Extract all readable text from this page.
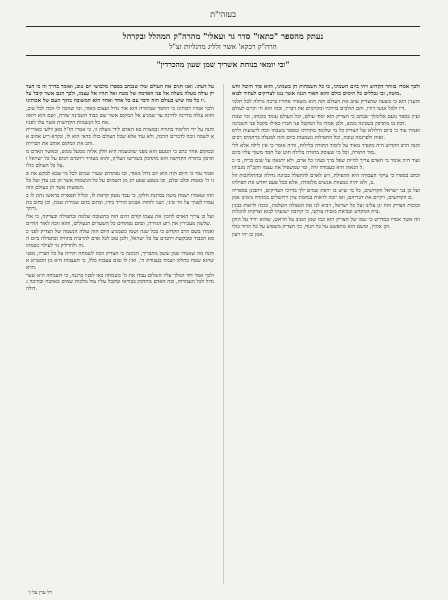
בעזהי"ת
נעתק מהספר "כתאו" סדר גר ועאלי" מהרה"ק המהלל ובקרהל
הרה"ק רבקא' אשר זלליג מרגליות זצ"ל
"ובי יומאי בנוחת אשריך שמן שעון מהכרדין"

על דעתו. ואנו חגים את העולם שלו שנכתב בספרו מלבושי יום טוב, ואומר בדרך זה כי הצדיק עולה מעלה מעלה אל פני האדמה של מטה ואל תהיו אל עצמו, ולכך הגם אשר קיבל עליו כל מה שיש בעולם הזה ודבר עם כל אחד ואחד הוא המשובח בתוך העם של אבותינו.

ולכך אמרו רבותינו כי החסד שבתורה הוא אור גדול ועצום מאוד, ומי שזוכה לו זוכה לכל טוב, והוא עולה מדרגה לדרגה עד שמגיע אל המקום אשר שם כבוד השכינה שורה, ושם הוא רואה את כל הנשמות הקדושות אשר עלו לפניו.

והנה על ידי הלימוד בתורה ובמצוות בא האדם לידי מעלה זו, כי אמרו חז"ל מאן דלעי באורייתא לשמה זוכה לדברים הרבה, ולא עוד אלא שכל העולם כולו כדאי הוא לו, ונקרא ריע אהוב אוהב את המקום אוהב את הבריות.

ובמקום אחר כתב כי הטעם הוא מפני שהנשמה היא חלק אלוה ממעל ממש, וכאשר האדם מתדבק בתורה הקדושה הוא מתדבק בשורשו העליון, והוא מעורר רחמים רבים על כל ישראל ועל כל העולם כולו.

ואמר עוד כי היום הזה הוא יום גדול מאוד, ובו נפתחים שערי שמים לכל מי שבא לבקש את פני ה' באמת ובלב שלם, ובו נשפע שפע רב מן השמים על כל הנשמות אשר הן בגן עדן ועל כל הנפשות אשר הן בעולם הזה.

וזהו שאמרו ישמח משה במתנת חלקו, כי עבד נאמן קראת לו, וכליל תפארת בראשו נתת לו בעמדו לפניך על הר סיני, ושני לוחות אבנים הוריד בידו, וכתוב בהם שמירת שבת, וכן כתוב בתורתך.

ועל כן צריך האדם להכין את עצמו קודם היום הזה בתשובה שלמה ובתפילה ובצדקה, כי אלו שלשה מעבירין את רוע הגזירה, ובהם נפתחים כל השערים הנעולים, והוא זוכה לאור החיים.

ואמרו בשם הרב הקדוש כי בכל שנה ושנה כשמגיע היום הזה עולה הנשמה של הצדיק לפני כסא הכבוד ומבקשת רחמים על כל ישראל, ולכן טוב לכל אדם להרבות בתורה ובתפילה ביום הזה ולהדליק נר לעילוי נשמתו.

והנה מה שאמרו שמן ששון מחבריך, הכוונה כי הצדיק זוכה לשמחה יתירה על כל חבריו, מפני שהוא שמח בחלקו ושמח בעבודת ה', ואין לו שום עצבות כלל, כי העצבות היא מן הסטרא אחרא.

ולכך אמר דוד המלך עליו השלום עבדו את ה' בשמחה באו לפניו ברננה, כי השמחה היא שער גדול לכל העבודות, ובה האדם מתדבק בבוראו ומקבל עליו עול מלכות שמים באהבה ובחיבה גדולה.

ולכך אמרו בזוהר הקדוש ויהי ביום השמיני, כי כל השמחות הן בשמיני, והוא סוד היובל והשמיטה, ובו נכללים כל הימים כולם והוא האור הגנוז אשר נגנז לצדיקים לעתיד לבוא.

והענין הוא כי בשעה שהצדיק עוזב את העולם הזה הוא משאיר אחריו ברכה גדולה לכל תלמידיו ולכל אנשי דורו, והם הולכים בדרכיו ומקיימים את דבריו, ובזה הוא חי וקיים לעולם.

ועיין בספר נועם אלימלך שכתב כי הצדיק הוא יסוד עולם, וכל העולם עומד בזכותו, ומי שמתדבק בו מתדבק בשכינה ממש, ולכן אמרו כל המקבל פני חברו כאילו מקבל פני השכינה.

ואמרו עוד כי ביום הילולא של הצדיק כל מי שלומד מתורתו ומספר בשבחו זוכה לישועות ולרפואות ולפרנסה טובה, וכל התפילות נשמעות ביום הזה למעלה ברחמים רבים.

והנה הרב הקדוש היה מקפיד מאוד על לימוד התורה בלילות, והיה אומר כי אין לילה אלא ללימוד התורה, וכל מי שעוסק בתורה בלילה חוט של חסד משוך עליו ביום.

ועוד היה אומר כי האדם צריך להיות שפל ברך בעיני כל אדם, ולא יתגאה על שום בריה, כי כל הגאוה היא כעבודה זרה, ומי שמשפיל את עצמו הקב"ה מגביהו.

וכתב בספרו כי עיקר העבודה היא התפילה, ויש לאדם להתפלל בכוונה גדולה ובהתלהבות הלב, ולא יהיה כמצוות אנשים מלומדה, אלא בכל פעם יחדש את תפילתו.

ועל כן בני ישראל הקדושים, כל מי שיש בו יראת שמים ילך בדרכי הצדיקים, ויתבונן בספריהם הקדושים, ויקיים את דבריהם, ואז יזכה לראות בנחמת ציון וירושלים במהרה בימינו אמן.

ובזכות הצדיק הזה יגן עלינו ועל כל ישראל, ויביא לנו את הגאולה השלמה, ונזכה לראות בבנין בית המקדש ובביאת משיח צדקנו, כי קרובה ישועתו לבוא וצדקתו להגלות.

וזה אשר אמרו במדרש כי שמו של הצדיק הוא כמו שמן הטוב על הראש, שהוא יורד על הזקן זקן אהרן, ומשם הוא מתפשט על כל הגוף, כך הצדיק משפיע על כל הדור כולו.

אמן כן יהי רצון.

ויל ערן על ז'
